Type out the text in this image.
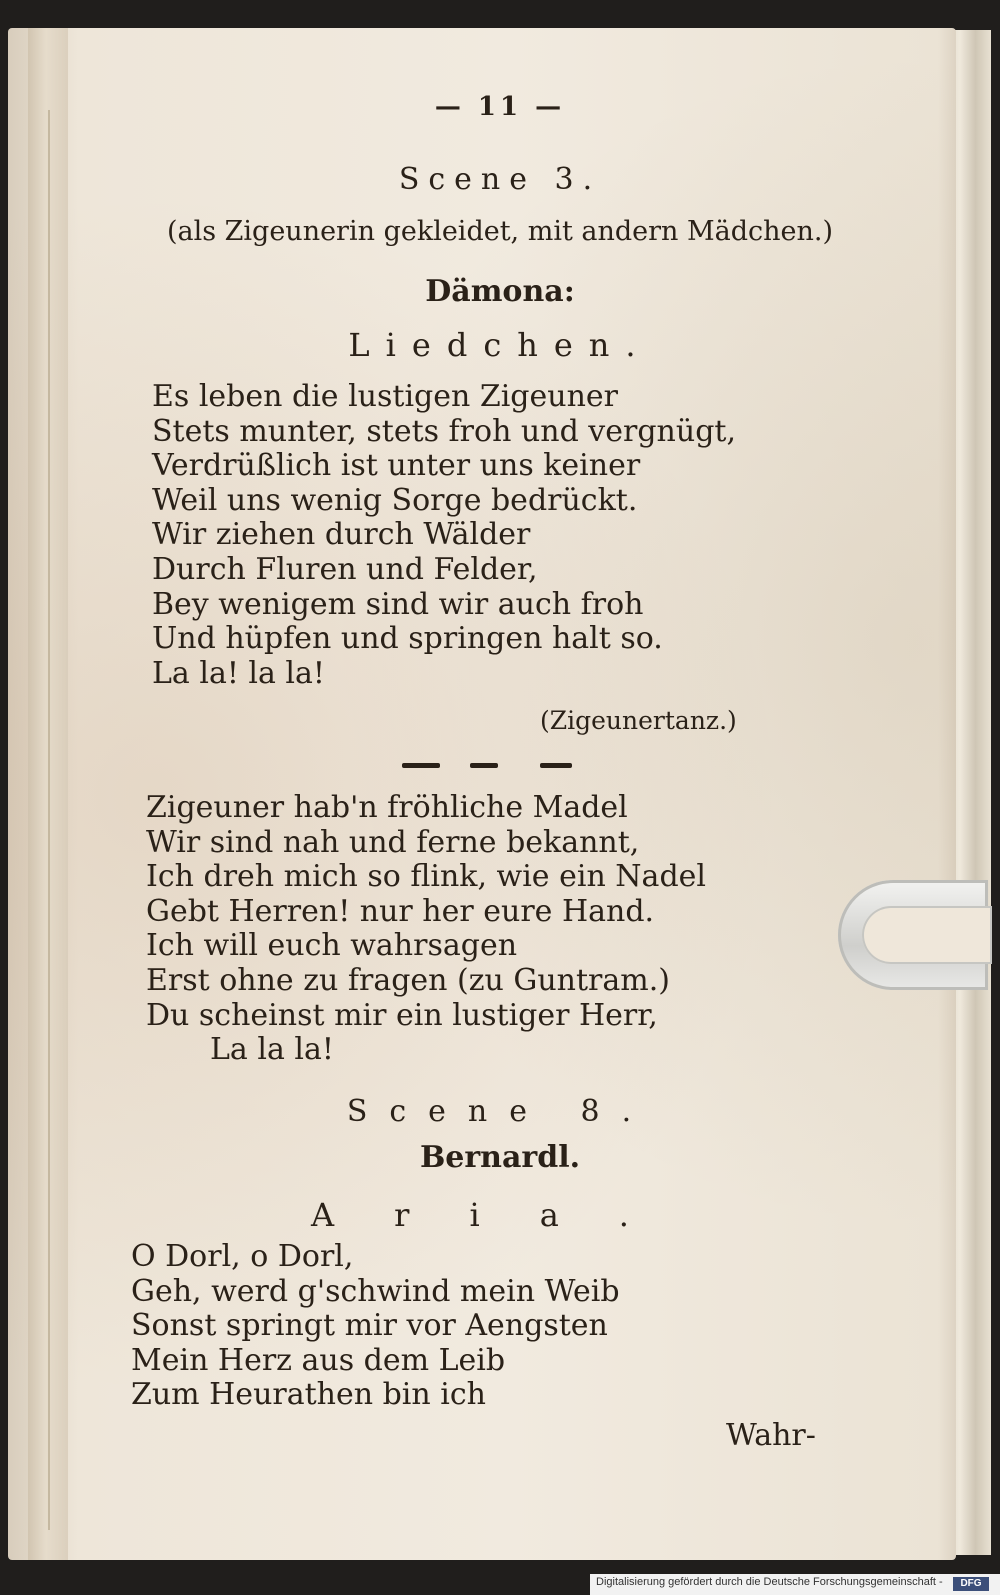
— 11 —
Scene 3.
(als Zigeunerin gekleidet, mit andern Mädchen.)
Dämona:
Liedchen.
Es leben die lustigen Zigeuner
Stets munter, stets froh und vergnügt,
Verdrüßlich ist unter uns keiner
Weil uns wenig Sorge bedrückt.
Wir ziehen durch Wälder
Durch Fluren und Felder,
Bey wenigem sind wir auch froh
Und hüpfen und springen halt so.
La la! la la!
(Zigeunertanz.)
Zigeuner hab'n fröhliche Madel
Wir sind nah und ferne bekannt,
Ich dreh mich so flink, wie ein Nadel
Gebt Herren! nur her eure Hand.
Ich will euch wahrsagen
Erst ohne zu fragen (zu Guntram.)
Du scheinst mir ein lustiger Herr,
La la la!
Scene 8.
Bernardl.
Aria.
O Dorl, o Dorl,
Geh, werd g'schwind mein Weib
Sonst springt mir vor Aengsten
Mein Herz aus dem Leib
Zum Heurathen bin ich
Wahr-
Digitalisierung gefördert durch die Deutsche Forschungsgemeinschaft -	DFG
